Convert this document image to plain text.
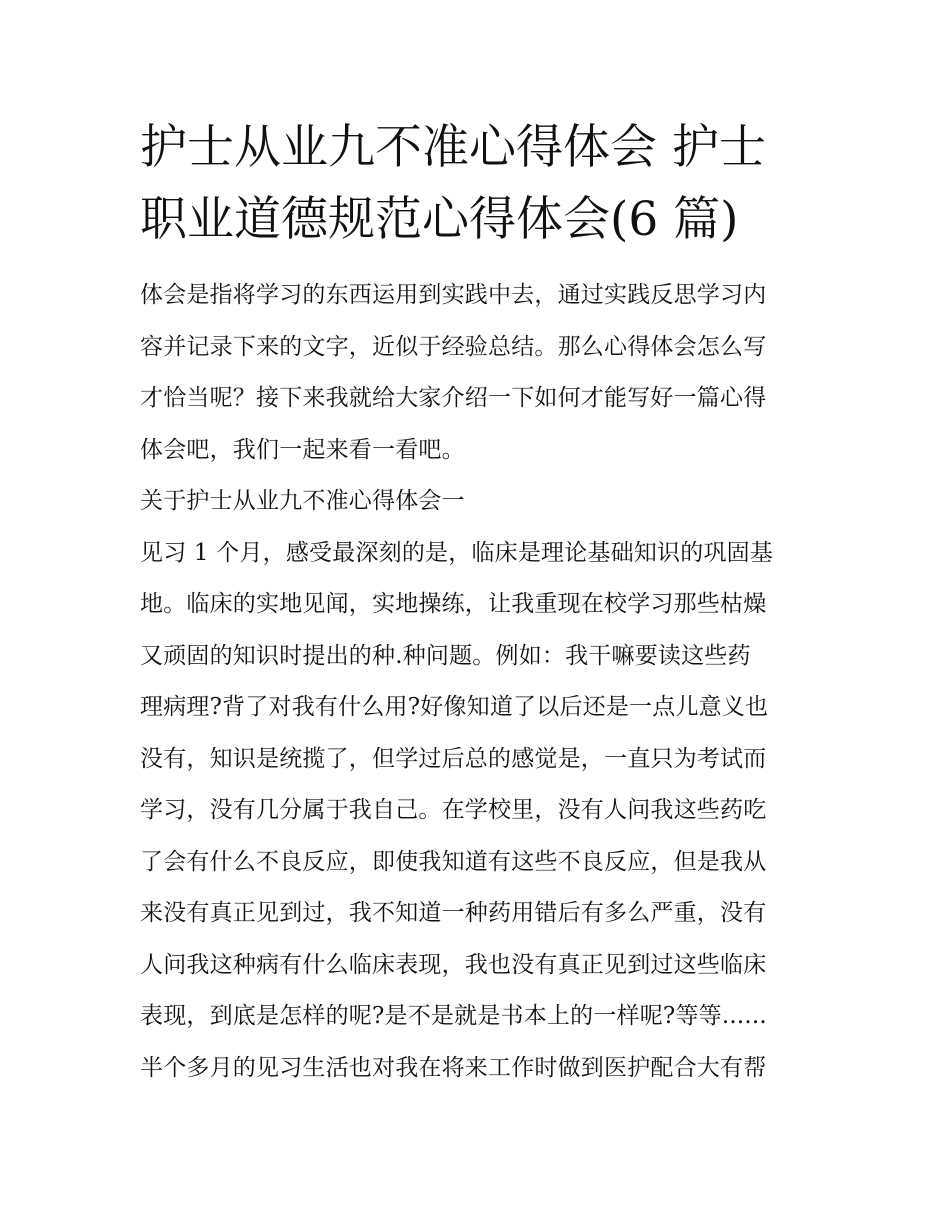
护士从业九不准心得体会 护士
职业道德规范心得体会(6 篇)

体会是指将学习的东西运用到实践中去，通过实践反思学习内
容并记录下来的文字，近似于经验总结。那么心得体会怎么写
才恰当呢？接下来我就给大家介绍一下如何才能写好一篇心得
体会吧，我们一起来看一看吧。

关于护士从业九不准心得体会一

见习 1 个月，感受最深刻的是，临床是理论基础知识的巩固基
地。临床的实地见闻，实地操练，让我重现在校学习那些枯燥
又顽固的知识时提出的种.种问题。例如：我干嘛要读这些药
理病理?背了对我有什么用?好像知道了以后还是一点儿意义也
没有，知识是统揽了，但学过后总的感觉是，一直只为考试而
学习，没有几分属于我自己。在学校里，没有人问我这些药吃
了会有什么不良反应，即使我知道有这些不良反应，但是我从
来没有真正见到过，我不知道一种药用错后有多么严重，没有
人问我这种病有什么临床表现，我也没有真正见到过这些临床
表现，到底是怎样的呢?是不是就是书本上的一样呢?等等......
半个多月的见习生活也对我在将来工作时做到医护配合大有帮
